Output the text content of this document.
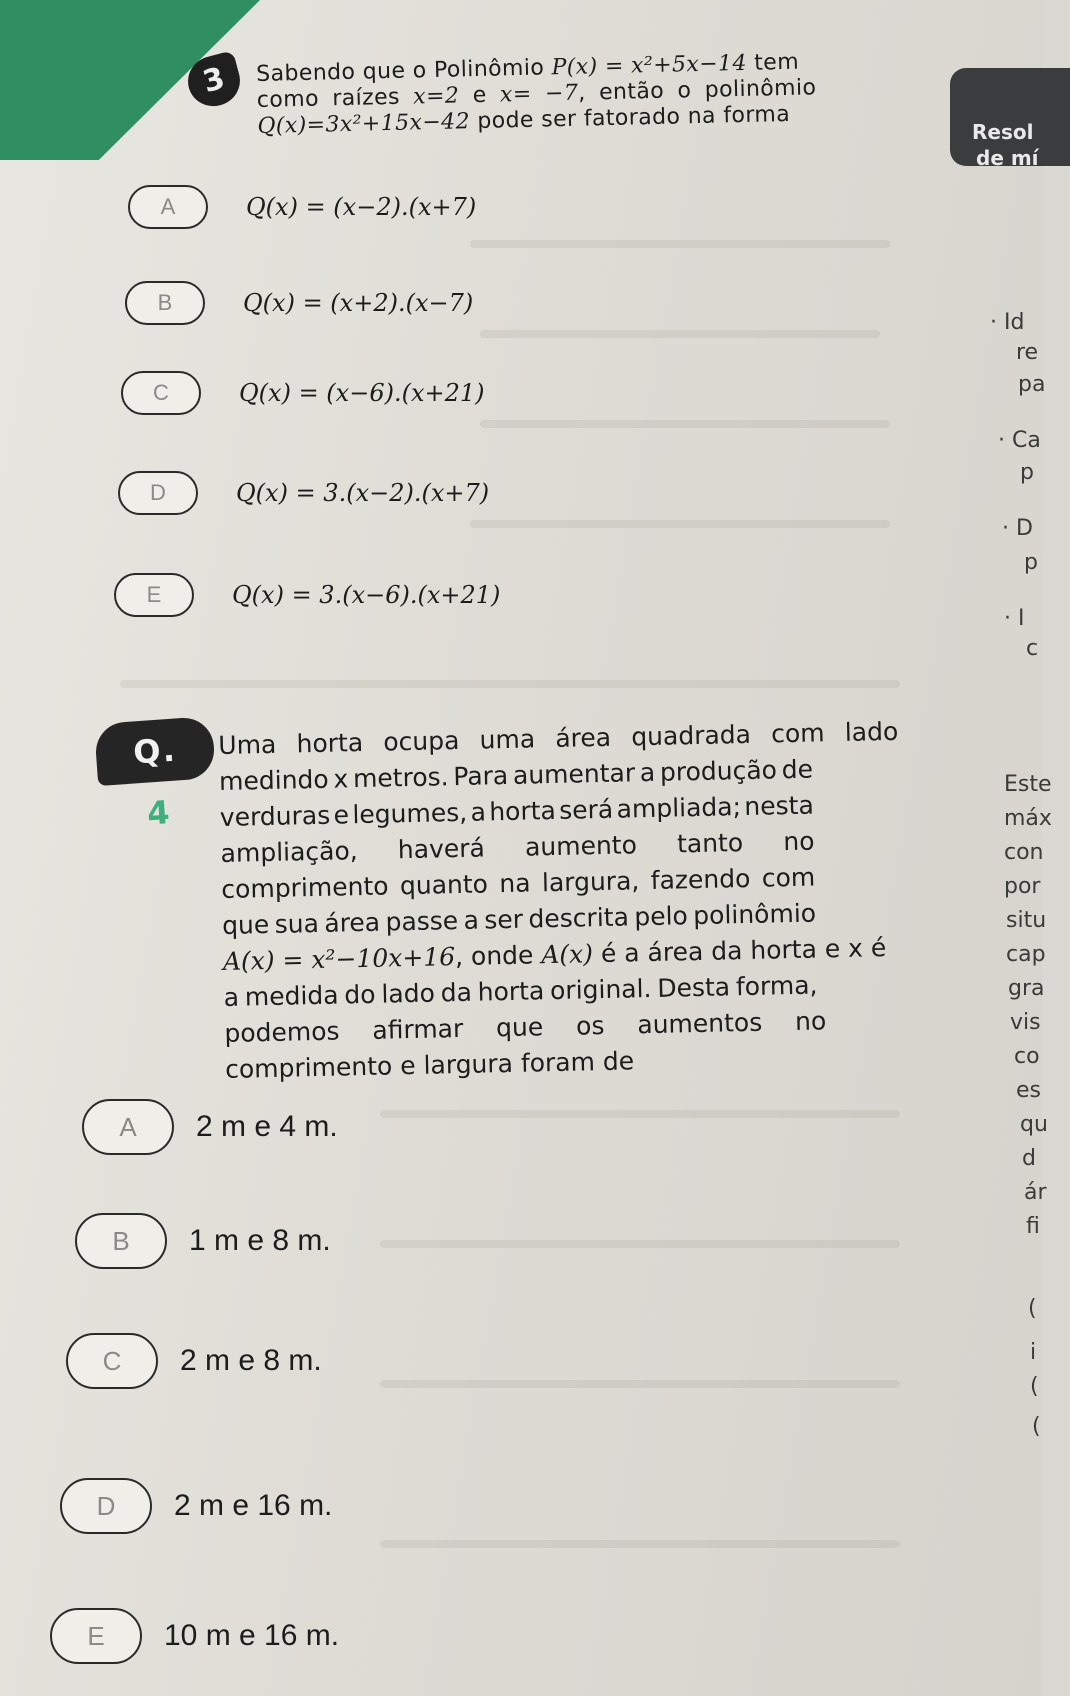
3
Resol
de mí
Sabendo que o Polinômio P(x) = x²+5x−14 tem
como raízes x=2 e x= −7, então o polinômio
Q(x)=3x²+15x−42 pode ser fatorado na forma
A	Q(x) = (x−2).(x+7)
B	Q(x) = (x+2).(x−7)
C	Q(x) = (x−6).(x+21)
D	Q(x) = 3.(x−2).(x+7)
E	Q(x) = 3.(x−6).(x+21)
· Id
re
pa
· Ca
p
· D
p
· I
c
Este
máx
con
por
situ
cap
gra
vis
co
es
qu
d
ár
fi
(
i
(
(
Q.
4
Uma horta ocupa uma área quadrada com lado
medindo x metros. Para aumentar a produção de
verduras e legumes, a horta será ampliada; nesta
ampliação, haverá aumento tanto no
comprimento quanto na largura, fazendo com
que sua área passe a ser descrita pelo polinômio
A(x) = x²−10x+16 , onde A(x) é a área da horta e x é
a medida do lado da horta original. Desta forma,
podemos afirmar que os aumentos no
comprimento e largura foram de
A	2 m e 4 m.
B	1 m e 8 m.
C	2 m e 8 m.
D	2 m e 16 m.
E	10 m e 16 m.
